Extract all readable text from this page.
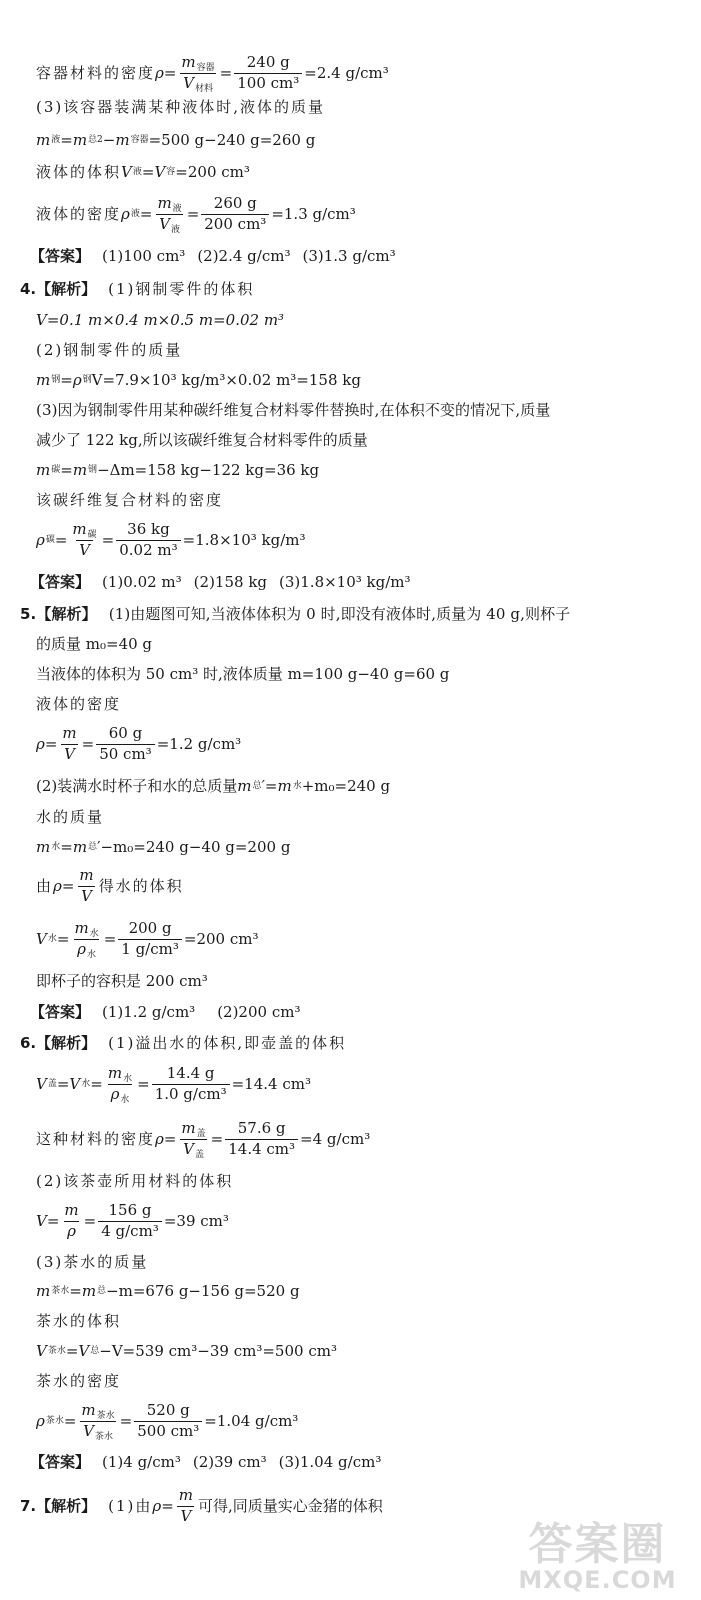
容器材料的密度 $\rho= \frac{m_{容器}}{V_{材料}} = \frac{240 g}{\text{100 cm³}} =2.4$ g/cm³
(3)该容器装满某种液体时,液体的质量
m 液 =m 总2 −m 容器 =500 g−240 g=260 g
液体的体积 V 液 =V 容 =200 cm³
液体的密度 ρ 液 = $\frac{m_液}{V_液} = \frac{260 g}{\text{200 cm³}} =1.3$ g/cm³
【答案】 (1)100 cm³ (2)2.4 g/cm³ (3)1.3 g/cm³
4. 【解析】 (1)钢制零件的体积
V=0.1 m×0.4 m×0.5 m=0.02 m³
(2)钢制零件的质量
m 钢 =ρ 钢 V=7.9×10³ kg/m³×0.02 m³=158 kg
(3)因为钢制零件用某种碳纤维复合材料零件替换时,在体积不变的情况下,质量
减少了 122 kg,所以该碳纤维复合材料零件的质量
m 碳 =m 钢 −Δm=158 kg−122 kg=36 kg
该碳纤维复合材料的密度
ρ 碳 = $\frac{m_碳}{V} = \frac{36 kg}{\text{0.02 m³}} =1.8\times 10^3$ kg/m³
【答案】 (1)0.02 m³ (2)158 kg (3)1.8×10³ kg/m³
5. 【解析】 (1)由题图可知,当液体体积为 0 时,即没有液体时,质量为 40 g,则杯子
的质量 m₀=40 g
当液体的体积为 50 cm³ 时,液体质量 m=100 g−40 g=60 g
液体的密度
$\rho= \frac{m}{V} = \frac{60 g}{\text{50 cm³}} =1.2$ g/cm³
(2)装满水时杯子和水的总质量 m 总 ′=m 水 +m₀=240 g
水的质量
m 水 =m 总 ′−m₀=240 g−40 g=200 g
由 $\rho= \frac{m}{V}$ 得水的体积
V 水 = $\frac{m_水}{\rho_水} = \frac{200 g}{\text{1 g/cm³}} =200$ cm³
即杯子的容积是 200 cm³
【答案】 (1)1.2 g/cm³ (2)200 cm³
6. 【解析】 (1)溢出水的体积,即壶盖的体积
V 盖 =V 水 = $\frac{m_水}{\rho_水} = \frac{14.4 g}{\text{1.0 g/cm³}} =14.4$ cm³
这种材料的密度 $\rho= \frac{m_盖}{V_盖} = \frac{57.6 g}{\text{14.4 cm³}} =4$ g/cm³
(2)该茶壶所用材料的体积
$V= \frac{m}{\rho} = \frac{156 g}{\text{4 g/cm³}} =39$ cm³
(3)茶水的质量
m 茶水 =m 总 −m=676 g−156 g=520 g
茶水的体积
V 茶水 =V 总 −V=539 cm³−39 cm³=500 cm³
茶水的密度
ρ 茶水 = $\frac{m_{茶水}}{V_{茶水}} = \frac{520 g}{\text{500 cm³}} =1.04$ g/cm³
【答案】 (1)4 g/cm³ (2)39 cm³ (3)1.04 g/cm³
7. 【解析】 (1)由 $\rho= \frac{m}{V}$ 可得,同质量实心金猪的体积
答案圈
MXQE.COM
